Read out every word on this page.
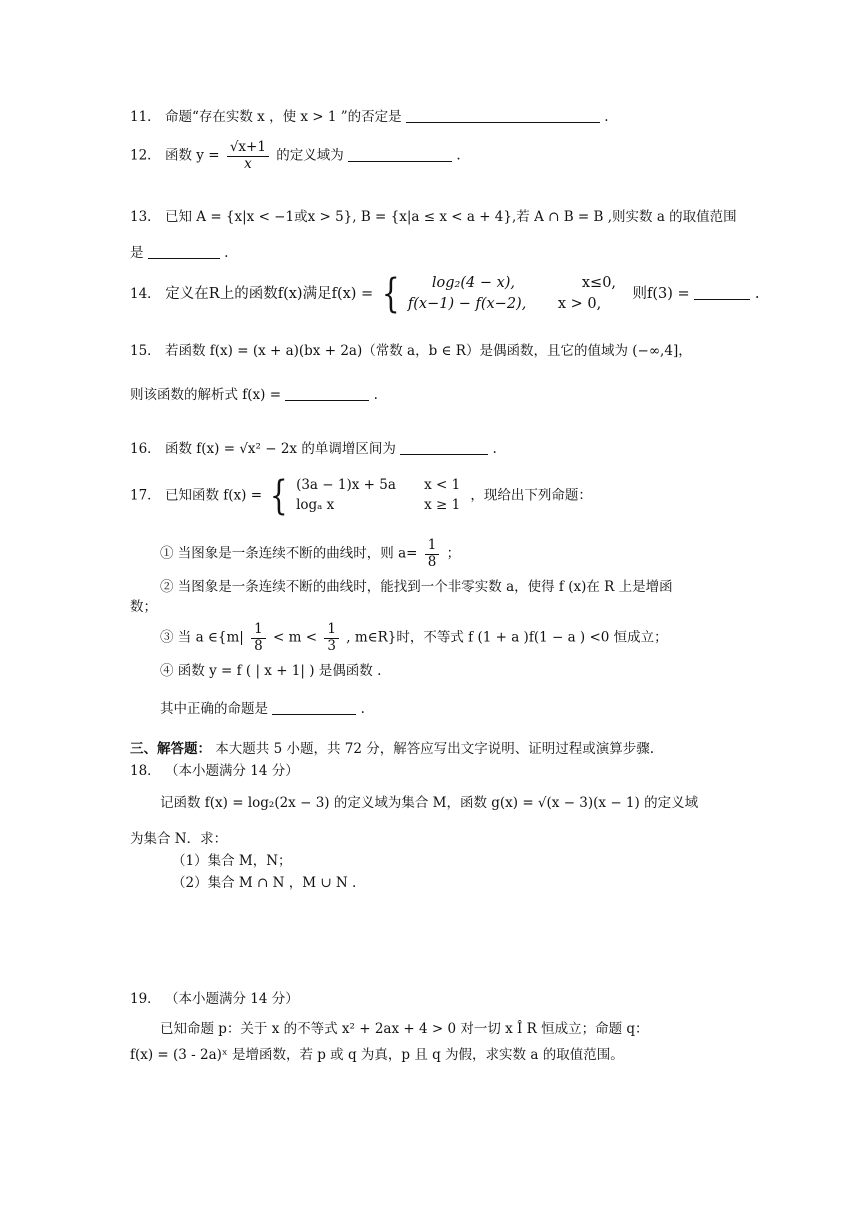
11． 命题“存在实数 x ，使 x > 1 ”的否定是	.
12． 函数 $y = \frac{√x+1}{x}$ 的定义域为	.
13． 已知 A = {x|x < −1或x > 5}, B = {x|a ≤ x < a + 4},若 A ∩ B = B ,则实数 a 的取值范围
是	.
14． 定义在R上的函数f(x)满足f(x) = {	log₂(4 − x),	x≤0,
f(x−1) − f(x−2),	x > 0,
则f(3) =	.
15． 若函数 f(x) = (x + a)(bx + 2a)（常数 a，b ∈ R）是偶函数，且它的值域为 (−∞,4]，
则该函数的解析式 f(x) =	.
16． 函数 f(x) = √x² − 2x 的单调增区间为	.
17． 已知函数 f(x) = { (3a − 1)x + 5a	x < 1
logₐ x	x ≥ 1
，现给出下列命题：
① 当图象是一条连续不断的曲线时，则 $a= \frac{1}{8}$ ；
② 当图象是一条连续不断的曲线时，能找到一个非零实数 a，使得 f (x)在 R 上是增函
数；
③ 当 a ∈{m| $\frac{1}{8} < m < \frac{1}{3}$ , m∈R}时，不等式 f (1 + a )f(1 − a ) <0 恒成立；
④ 函数 y = f ( | x + 1| ) 是偶函数 .
其中正确的命题是	.
三、解答题： 本大题共 5 小题，共 72 分，解答应写出文字说明、证明过程或演算步骤.
18． （本小题满分 14 分）
记函数 f(x) = log₂(2x − 3) 的定义域为集合 M，函数 g(x) = √(x − 3)(x − 1) 的定义域
为集合 N．求：
（1）集合 M，N；
（2）集合 M ∩ N ，M ∪ N .
19． （本小题满分 14 分）
已知命题 p：关于 x 的不等式 x² + 2ax + 4 > 0 对一切 x Î R 恒成立；命题 q：
f(x) = (3 - 2a)ˣ 是增函数，若 p 或 q 为真，p 且 q 为假，求实数 a 的取值范围。
